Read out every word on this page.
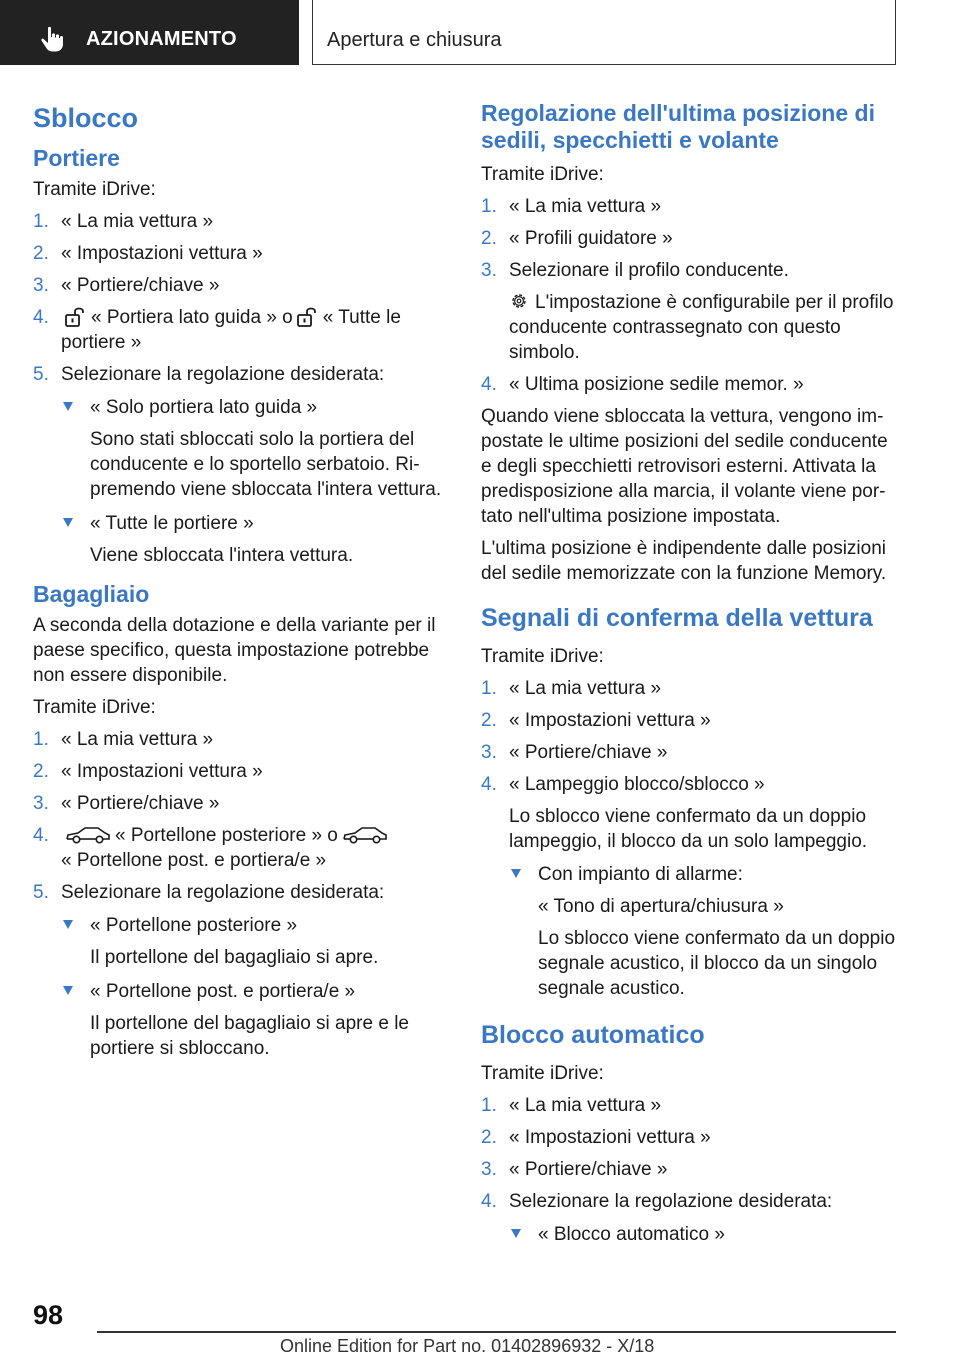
AZIONAMENTO	Apertura e chiusura
Sblocco
Portiere

Tramite iDrive:

1. « La mia vettura »
2. « Impostazioni vettura »
3. « Portiere/chiave »
4. « Portiera lato guida » o « Tutte le portiere »
5. Selezionare la regolazione desiderata:
« Solo portiera lato guida »
Sono stati sbloccati solo la portiera del conducente e lo sportello serbatoio. Ripremendo viene sbloccata l'intera vettura.
« Tutte le portiere »
Viene sbloccata l'intera vettura.
Bagagliaio

A seconda della dotazione e della variante per il paese specifico, questa impostazione potrebbe non essere disponibile.

Tramite iDrive:

1. « La mia vettura »
2. « Impostazioni vettura »
3. « Portiere/chiave »
4.	« Portellone posteriore » o
« Portellone post. e portiera/e »
5. Selezionare la regolazione desiderata:
« Portellone posteriore »
Il portellone del bagagliaio si apre.
« Portellone post. e portiera/e »
Il portellone del bagagliaio si apre e le portiere si sbloccano.
Regolazione dell'ultima posizione di sedili, specchietti e volante

Tramite iDrive:

1. « La mia vettura »
2. « Profili guidatore »
3. Selezionare il profilo conducente.
L'impostazione è configurabile per il profilo conducente contrassegnato con questo simbolo.
4. « Ultima posizione sedile memor. »

Quando viene sbloccata la vettura, vengono impostate le ultime posizioni del sedile conducente e degli specchietti retrovisori esterni. Attivata la predisposizione alla marcia, il volante viene portato nell'ultima posizione impostata.

L'ultima posizione è indipendente dalle posizioni del sedile memorizzate con la funzione Memory.

Segnali di conferma della vettura

Tramite iDrive:

1. « La mia vettura »
2. « Impostazioni vettura »
3. « Portiere/chiave »
4. « Lampeggio blocco/sblocco »
Lo sblocco viene confermato da un doppio lampeggio, il blocco da un solo lampeggio.
Con impianto di allarme:
« Tono di apertura/chiusura »
Lo sblocco viene confermato da un doppio segnale acustico, il blocco da un singolo segnale acustico.
Blocco automatico

Tramite iDrive:

1. « La mia vettura »
2. « Impostazioni vettura »
3. « Portiere/chiave »
4. Selezionare la regolazione desiderata:
« Blocco automatico »
98
Online Edition for Part no. 01402896932 - X/18
